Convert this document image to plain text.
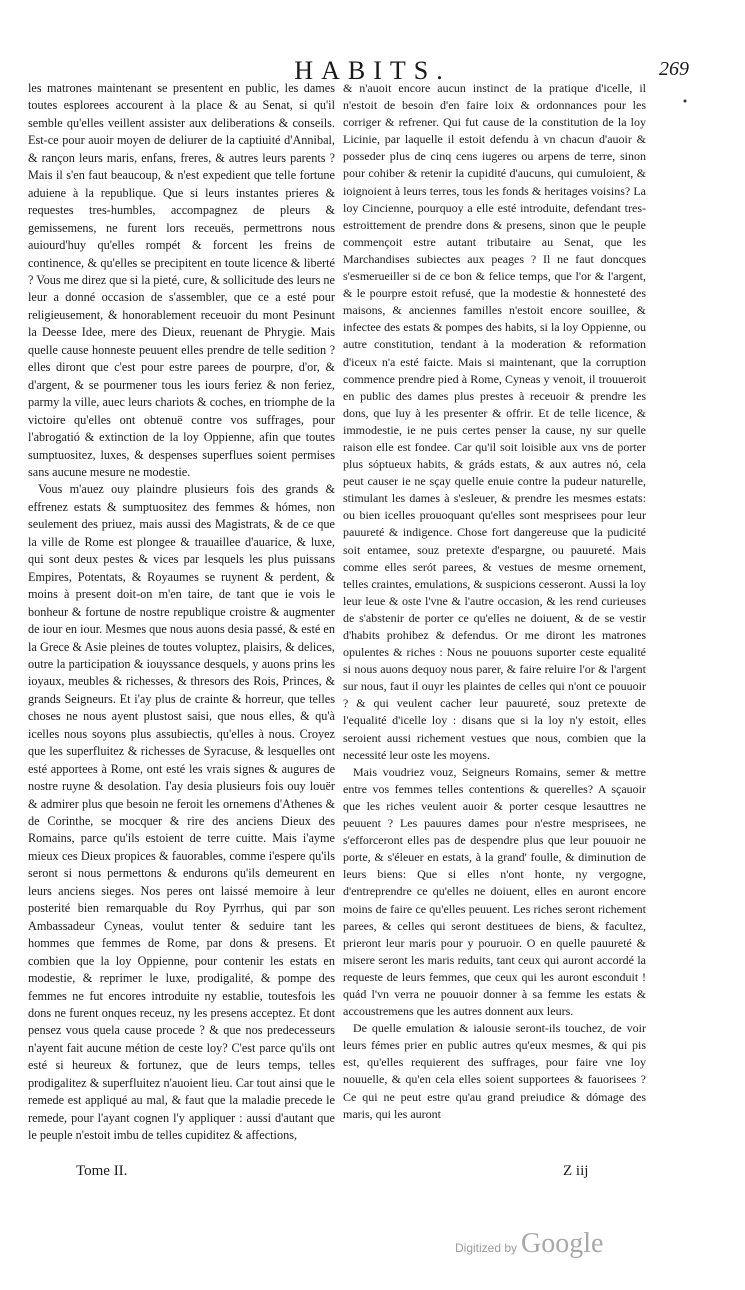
HABITS.	269

les matrones maintenant se presentent en public, les dames toutes esplorees accourent à la place & au Senat, si qu'il semble qu'elles veillent assister aux deliberations & conseils. Est-ce pour auoir moyen de deliurer de la captiuité d'Annibal, & rançon leurs maris, enfans, freres, & autres leurs parents ? Mais il s'en faut beaucoup, & n'est expedient que telle fortune aduiene à la republique. Que si leurs instantes prieres & requestes tres-humbles, accompagnez de pleurs & gemissemens, ne furent lors receuës, permettrons nous auiourd'huy qu'elles rompét & forcent les freins de continence, & qu'elles se precipitent en toute licence & liberté ? Vous me direz que si la pieté, cure, & sollicitude des leurs ne leur a donné occasion de s'assembler, que ce a esté pour religieusement, & honorablement receuoir du mont Pesinunt la Deesse Idee, mere des Dieux, reuenant de Phrygie. Mais quelle cause honneste peuuent elles prendre de telle sedition ? elles diront que c'est pour estre parees de pourpre, d'or, & d'argent, & se pourmener tous les iours feriez & non feriez, parmy la ville, auec leurs chariots & coches, en triomphe de la victoire qu'elles ont obtenuë contre vos suffrages, pour l'abrogatió & extinction de la loy Oppienne, afin que toutes sumptuositez, luxes, & despenses superflues soient permises sans aucune mesure ne modestie.

Vous m'auez ouy plaindre plusieurs fois des grands & effrenez estats & sumptuositez des femmes & hómes, non seulement des priuez, mais aussi des Magistrats, & de ce que la ville de Rome est plongee & trauaillee d'auarice, & luxe, qui sont deux pestes & vices par lesquels les plus puissans Empires, Potentats, & Royaumes se ruynent & perdent, & moins à present doit-on m'en taire, de tant que ie vois le bonheur & fortune de nostre republique croistre & augmenter de iour en iour. Mesmes que nous auons desia passé, & esté en la Grece & Asie pleines de toutes voluptez, plaisirs, & delices, outre la participation & iouyssance desquels, y auons prins les ioyaux, meubles & richesses, & thresors des Rois, Princes, & grands Seigneurs. Et i'ay plus de crainte & horreur, que telles choses ne nous ayent plustost saisi, que nous elles, & qu'à icelles nous soyons plus assubiectis, qu'elles à nous. Croyez que les superfluitez & richesses de Syracuse, & lesquelles ont esté apportees à Rome, ont esté les vrais signes & augures de nostre ruyne & desolation. I'ay desia plusieurs fois ouy louër & admirer plus que besoin ne feroit les ornemens d'Athenes & de Corinthe, se mocquer & rire des anciens Dieux des Romains, parce qu'ils estoient de terre cuitte. Mais i'ayme mieux ces Dieux propices & fauorables, comme i'espere qu'ils seront si nous permettons & endurons qu'ils demeurent en leurs anciens sieges. Nos peres ont laissé memoire à leur posterité bien remarquable du Roy Pyrrhus, qui par son Ambassadeur Cyneas, voulut tenter & seduire tant les hommes que femmes de Rome, par dons & presens. Et combien que la loy Oppienne, pour contenir les estats en modestie, & reprimer le luxe, prodigalité, & pompe des femmes ne fut encores introduite ny establie, toutesfois les dons ne furent onques receuz, ny les presens acceptez. Et dont pensez vous quela cause procede ? & que nos predecesseurs n'ayent fait aucune métion de ceste loy? C'est parce qu'ils ont esté si heureux & fortunez, que de leurs temps, telles prodigalitez & superfluitez n'auoient lieu. Car tout ainsi que le remede est appliqué au mal, & faut que la maladie precede le remede, pour l'ayant cognen l'y appliquer : aussi d'autant que le peuple n'estoit imbu de telles cupiditez & affections,

& n'auoit encore aucun instinct de la pratique d'icelle, il n'estoit de besoin d'en faire loix & ordonnances pour les corriger & refrener. Qui fut cause de la constitution de la loy Licinie, par laquelle il estoit defendu à vn chacun d'auoir & posseder plus de cinq cens iugeres ou arpens de terre, sinon pour cohiber & retenir la cupidité d'aucuns, qui cumuloient, & ioignoient à leurs terres, tous les fonds & heritages voisins? La loy Cincienne, pourquoy a elle esté introduite, defendant tres-estroittement de prendre dons & presens, sinon que le peuple commençoit estre autant tributaire au Senat, que les Marchandises subiectes aux peages ? Il ne faut doncques s'esmerueiller si de ce bon & felice temps, que l'or & l'argent, & le pourpre estoit refusé, que la modestie & honnesteté des maisons, & anciennes familles n'estoit encore souillee, & infectee des estats & pompes des habits, si la loy Oppienne, ou autre constitution, tendant à la moderation & reformation d'iceux n'a esté faicte. Mais si maintenant, que la corruption commence prendre pied à Rome, Cyneas y venoit, il trouueroit en public des dames plus prestes à receuoir & prendre les dons, que luy à les presenter & offrir. Et de telle licence, & immodestie, ie ne puis certes penser la cause, ny sur quelle raison elle est fondee. Car qu'il soit loisible aux vns de porter plus sóptueux habits, & gráds estats, & aux autres nó, cela peut causer ie ne sçay quelle enuie contre la pudeur naturelle, stimulant les dames à s'esleuer, & prendre les mesmes estats: ou bien icelles prouoquant qu'elles sont mesprisees pour leur pauureté & indigence. Chose fort dangereuse que la pudicité soit entamee, souz pretexte d'espargne, ou pauureté. Mais comme elles serót parees, & vestues de mesme ornement, telles craintes, emulations, & suspicions cesseront. Aussi la loy leur leue & oste l'vne & l'autre occasion, & les rend curieuses de s'abstenir de porter ce qu'elles ne doiuent, & de se vestir d'habits prohibez & defendus. Or me diront les matrones opulentes & riches : Nous ne pouuons suporter ceste equalité si nous auons dequoy nous parer, & faire reluire l'or & l'argent sur nous, faut il ouyr les plaintes de celles qui n'ont ce pouuoir ? & qui veulent cacher leur pauureté, souz pretexte de l'equalité d'icelle loy : disans que si la loy n'y estoit, elles seroient aussi richement vestues que nous, combien que la necessité leur oste les moyens.

Mais voudriez vouz, Seigneurs Romains, semer & mettre entre vos femmes telles contentions & querelles? A sçauoir que les riches veulent auoir & porter cesque lesauttres ne peuuent ? Les pauures dames pour n'estre mesprisees, ne s'efforceront elles pas de despendre plus que leur pouuoir ne porte, & s'éleuer en estats, à la grand' foulle, & diminution de leurs biens: Que si elles n'ont honte, ny vergogne, d'entreprendre ce qu'elles ne doiuent, elles en auront encore moins de faire ce qu'elles peuuent. Les riches seront richement parees, & celles qui seront destituees de biens, & facultez, prieront leur maris pour y pouruoir. O en quelle pauureté & misere seront les maris reduits, tant ceux qui auront accordé la requeste de leurs femmes, que ceux qui les auront esconduit ! quád l'vn verra ne pouuoir donner à sa femme les estats & accoustremens que les autres donnent aux leurs.

De quelle emulation & ialousie seront-ils touchez, de voir leurs fémes prier en public autres qu'eux mesmes, & qui pis est, qu'elles requierent des suffrages, pour faire vne loy nouuelle, & qu'en cela elles soient supportees & fauorisees ? Ce qui ne peut estre qu'au grand preiudice & dómage des maris, qui les auront

Tome II.	Z iij
Digitized by Google
